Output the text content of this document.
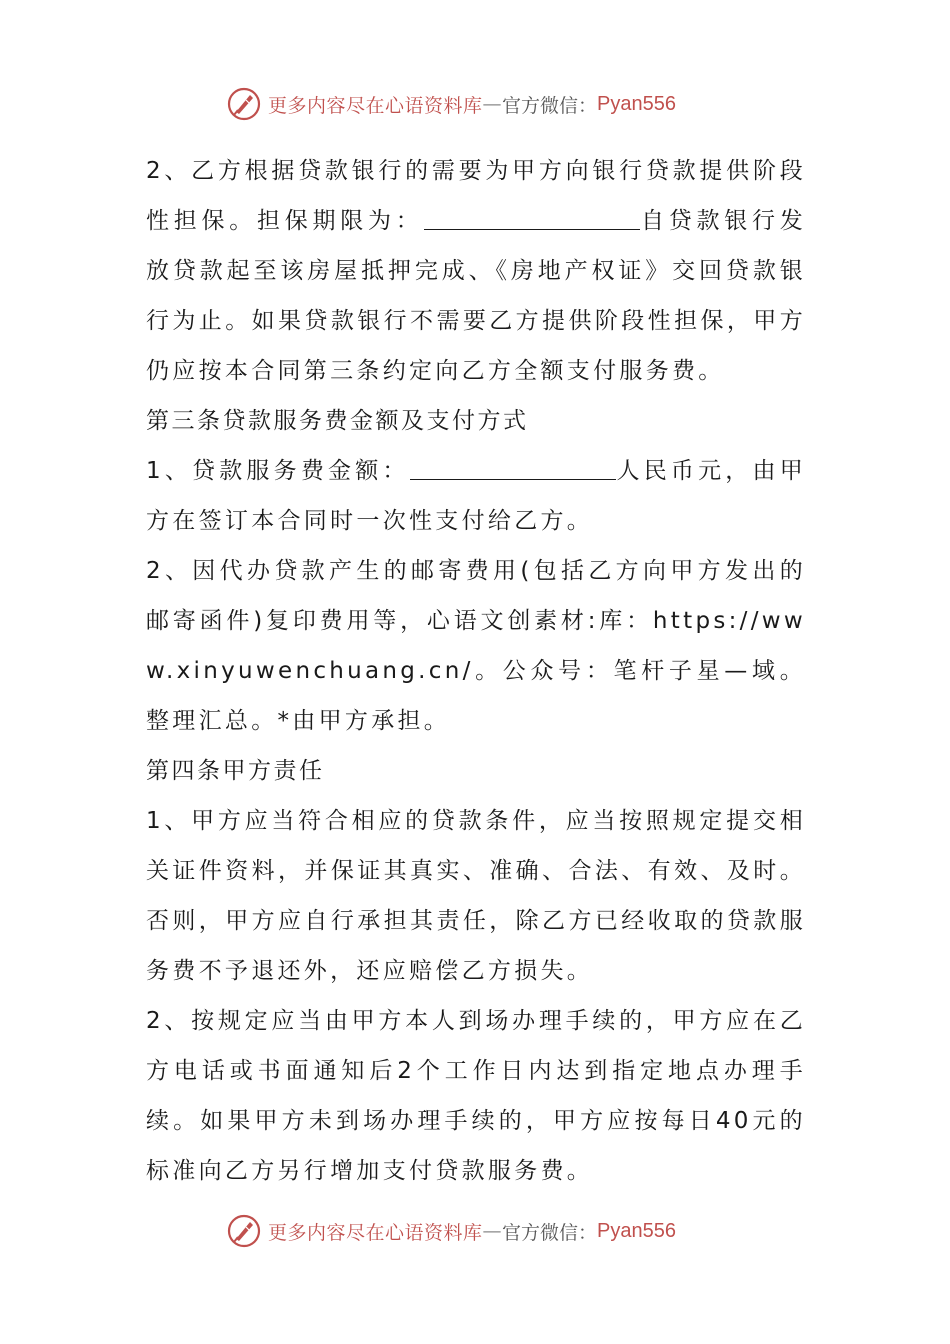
更多内容尽在心语资料库 — 官方微信： Pyan556

2、乙方根据贷款银行的需要为甲方向银行贷款提供阶段性担保。担保期限为：	自贷款银行发放贷款起至该房屋抵押完成、《房地产权证》交回贷款银行为止。如果贷款银行不需要乙方提供阶段性担保，甲方仍应按本合同第三条约定向乙方全额支付服务费。

第三条贷款服务费金额及支付方式

1、贷款服务费金额：	人民币元，由甲方在签订本合同时一次性支付给乙方。

2、因代办贷款产生的邮寄费用(包括乙方向甲方发出的邮寄函件)复印费用等，心语文创素材:库：https://www.xinyuwenchuang.cn/。公众号：笔杆子星—域。整理汇总。*由甲方承担。

第四条甲方责任

1、甲方应当符合相应的贷款条件，应当按照规定提交相关证件资料，并保证其真实、准确、合法、有效、及时。否则，甲方应自行承担其责任，除乙方已经收取的贷款服务费不予退还外，还应赔偿乙方损失。

2、按规定应当由甲方本人到场办理手续的，甲方应在乙方电话或书面通知后2个工作日内达到指定地点办理手续。如果甲方未到场办理手续的，甲方应按每日40元的标准向乙方另行增加支付贷款服务费。

更多内容尽在心语资料库 — 官方微信： Pyan556
